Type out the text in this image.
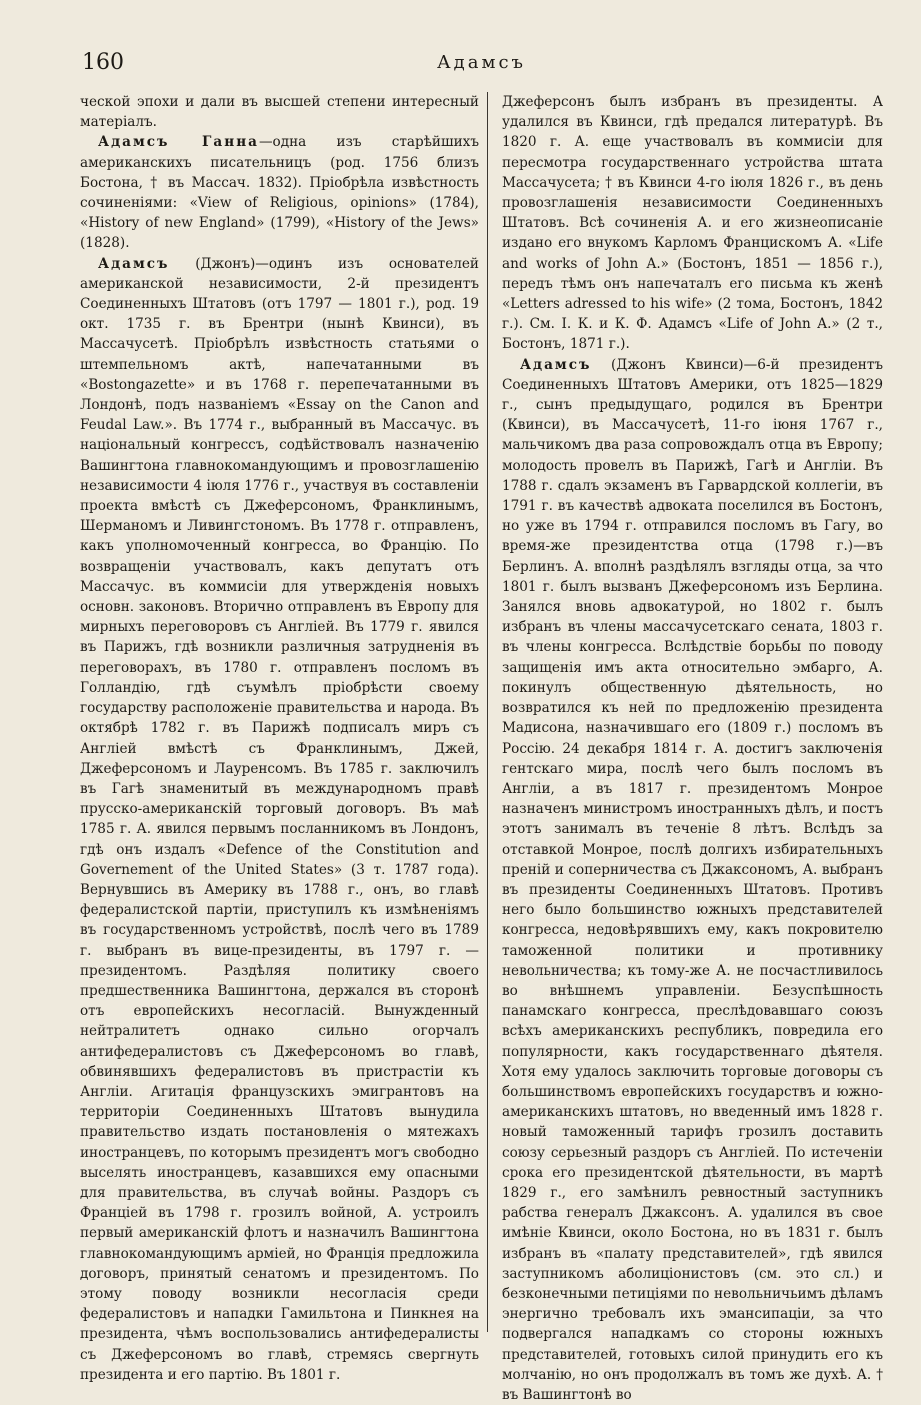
160	Адамсъ

ческой эпохи и дали въ высшей степени интересный матеріалъ.

Адамсъ Ганна—одна изъ старѣйшихъ американскихъ писательницъ (род. 1756 близъ Бостона, † въ Массач. 1832). Пріобрѣла извѣстность сочиненіями: «View of Religious, opinions» (1784), «History of new England» (1799), «History of the Jews» (1828).

Адамсъ (Джонъ)—одинъ изъ основателей американской независимости, 2-й президентъ Соединенныхъ Штатовъ (отъ 1797 — 1801 г.), род. 19 окт. 1735 г. въ Брентри (нынѣ Квинси), въ Массачусетѣ. Пріобрѣлъ извѣстность статьями о штемпельномъ актѣ, напечатанными въ «Bostongazette» и въ 1768 г. перепечатанными въ Лондонѣ, подъ названіемъ «Essay on the Canon and Feudal Law.». Въ 1774 г., выбранный въ Массачус. въ національный конгрессъ, содѣйствовалъ назначенію Вашингтона главнокомандующимъ и провозглашенію независимости 4 іюля 1776 г., участвуя въ составленіи проекта вмѣстѣ съ Джеферсономъ, Франклинымъ, Шерманомъ и Ливингстономъ. Въ 1778 г. отправленъ, какъ уполномоченный конгресса, во Францію. По возвращеніи участвовалъ, какъ депутатъ отъ Массачус. въ коммисіи для утвержденія новыхъ основн. законовъ. Вторично отправленъ въ Европу для мирныхъ переговоровъ съ Англіей. Въ 1779 г. явился въ Парижъ, гдѣ возникли различныя затрудненія въ переговорахъ, въ 1780 г. отправленъ посломъ въ Голландію, гдѣ съумѣлъ пріобрѣсти своему государству расположеніе правительства и народа. Въ октябрѣ 1782 г. въ Парижѣ подписалъ миръ съ Англіей вмѣстѣ съ Франклинымъ, Джей, Джеферсономъ и Лауренсомъ. Въ 1785 г. заключилъ въ Гагѣ знаменитый въ международномъ правѣ прусско-американскій торговый договоръ. Въ маѣ 1785 г. А. явился первымъ посланникомъ въ Лондонъ, гдѣ онъ издалъ «Defence of the Constitution and Governement of the United States» (3 т. 1787 года). Вернувшись въ Америку въ 1788 г., онъ, во главѣ федералистской партіи, приступилъ къ измѣненіямъ въ государственномъ устройствѣ, послѣ чего въ 1789 г. выбранъ въ вице-президенты, въ 1797 г. — президентомъ. Раздѣляя политику своего предшественника Вашингтона, держался въ сторонѣ отъ европейскихъ несогласій. Вынужденный нейтралитетъ однако сильно огорчалъ антифедералистовъ съ Джеферсономъ во главѣ, обвинявшихъ федералистовъ въ пристрастіи къ Англіи. Агитація французскихъ эмигрантовъ на территоріи Соединенныхъ Штатовъ вынудила правительство издать постановленія о мятежахъ иностранцевъ, по которымъ президентъ могъ свободно выселять иностранцевъ, казавшихся ему опасными для правительства, въ случаѣ войны. Раздоръ съ Франціей въ 1798 г. грозилъ войной, А. устроилъ первый американскій флотъ и назначилъ Вашингтона главнокомандующимъ арміей, но Франція предложила договоръ, принятый сенатомъ и президентомъ. По этому поводу возникли несогласія среди федералистовъ и нападки Гамильтона и Пинкнея на президента, чѣмъ воспользовались антифедералисты съ Джеферсономъ во главѣ, стремясь свергнуть президента и его партію. Въ 1801 г.

Джеферсонъ былъ избранъ въ президенты. А удалился въ Квинси, гдѣ предался литературѣ. Въ 1820 г. А. еще участвовалъ въ коммисіи для пересмотра государственнаго устройства штата Массачусета; † въ Квинси 4-го іюля 1826 г., въ день провозглашенія независимости Соединенныхъ Штатовъ. Всѣ сочиненія А. и его жизнеописаніе издано его внукомъ Карломъ Францискомъ А. «Life and works of John A.» (Бостонъ, 1851 — 1856 г.), передъ тѣмъ онъ напечаталъ его письма къ женѣ «Letters adressed to his wife» (2 тома, Бостонъ, 1842 г.). См. I. К. и К. Ф. Адамсъ «Life of John A.» (2 т., Бостонъ, 1871 г.).

Адамсъ (Джонъ Квинси)—6-й президентъ Соединенныхъ Штатовъ Америки, отъ 1825—1829 г., сынъ предыдущаго, родился въ Брентри (Квинси), въ Массачусетѣ, 11-го іюня 1767 г., мальчикомъ два раза сопровождалъ отца въ Европу; молодость провелъ въ Парижѣ, Гагѣ и Англіи. Въ 1788 г. сдалъ экзаменъ въ Гарвардской коллегіи, въ 1791 г. въ качествѣ адвоката поселился въ Бостонъ, но уже въ 1794 г. отправился посломъ въ Гагу, во время-же президентства отца (1798 г.)—въ Берлинъ. А. вполнѣ раздѣлялъ взгляды отца, за что 1801 г. былъ вызванъ Джеферсономъ изъ Берлина. Занялся вновь адвокатурой, но 1802 г. былъ избранъ въ члены массачусетскаго сената, 1803 г. въ члены конгресса. Вслѣдствіе борьбы по поводу защищенія имъ акта относительно эмбарго, А. покинулъ общественную дѣятельность, но возвратился къ ней по предложенію президента Мадисона, назначившаго его (1809 г.) посломъ въ Россію. 24 декабря 1814 г. А. достигъ заключенія гентскаго мира, послѣ чего былъ посломъ въ Англіи, а въ 1817 г. президентомъ Монрое назначенъ министромъ иностранныхъ дѣлъ, и постъ этотъ занималъ въ теченіе 8 лѣтъ. Вслѣдъ за отставкой Монрое, послѣ долгихъ избирательныхъ преній и соперничества съ Джаксономъ, А. выбранъ въ президенты Соединенныхъ Штатовъ. Противъ него было большинство южныхъ представителей конгресса, недовѣрявшихъ ему, какъ покровителю таможенной политики и противнику невольничества; къ тому-же А. не посчастливилось во внѣшнемъ управленіи. Безуспѣшность панамскаго конгресса, преслѣдовавшаго союзъ всѣхъ американскихъ республикъ, повредила его популярности, какъ государственнаго дѣятеля. Хотя ему удалось заключить торговые договоры съ большинствомъ европейскихъ государствъ и южно-американскихъ штатовъ, но введенный имъ 1828 г. новый таможенный тарифъ грозилъ доставить союзу серьезный раздоръ съ Англіей. По истеченіи срока его президентской дѣятельности, въ мартѣ 1829 г., его замѣнилъ ревностный заступникъ рабства генералъ Джаксонъ. А. удалился въ свое имѣніе Квинси, около Бостона, но въ 1831 г. былъ избранъ въ «палату представителей», гдѣ явился заступникомъ аболиціонистовъ (см. это сл.) и безконечными петиціями по невольничьимъ дѣламъ энергично требовалъ ихъ эмансипаціи, за что подвергался нападкамъ со стороны южныхъ представителей, готовыхъ силой принудить его къ молчанію, но онъ продолжалъ въ томъ же духѣ. А. † въ Вашингтонѣ во
